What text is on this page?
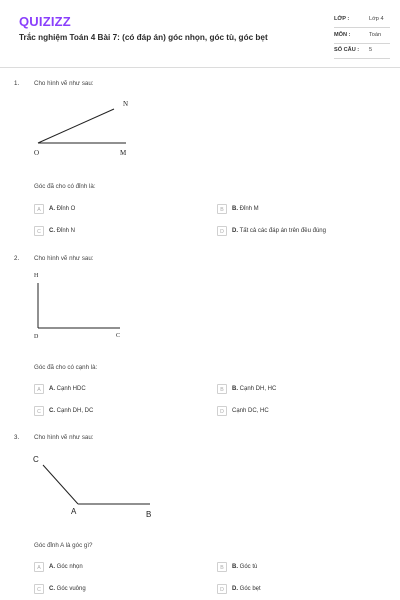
QUIZIZZ
Trắc nghiệm Toán 4 Bài 7: (có đáp án) góc nhọn, góc tù, góc bẹt
LỚP :	Lớp 4
MÔN :	Toán
SỐ CÂU : 5
1. Cho hình vẽ như sau:
O	M
N
Góc đã cho có đỉnh là:
A	A. Đỉnh O	B	B. Đỉnh M
C	C. Đỉnh N	D	D. Tất cả các đáp án trên đều đúng
2. Cho hình vẽ như sau:
H
D	C
Góc đã cho có cạnh là:
A	A. Cạnh HDC	B	B. Cạnh DH, HC
C	C. Cạnh DH, DC	D	Cạnh DC, HC
3. Cho hình vẽ như sau:
C
A	B
Góc đỉnh A là góc gì?
A	A. Góc nhọn	B	B. Góc tù
C	C. Góc vuông	D	D. Góc bẹt
